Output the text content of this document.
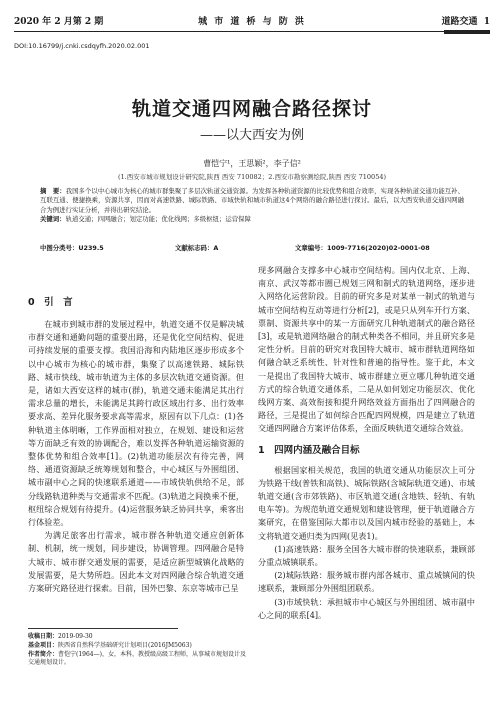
2020 年 2 月第 2 期	城 市 道 桥 与 防 洪	道路交通 1
DOI:10.16799/j.cnki.csdqyfh.2020.02.001
轨道交通四网融合路径探讨
——以大西安为例
曹恺宁¹，王思颖²，李子信²
(1.西安市城市规划设计研究院,陕西 西安 710082；2.西安市勘察测绘院,陕西 西安 710054)
摘　要：我国多个以中心城市为核心的城市群集聚了多层次轨道交通资源。为发挥各种轨道资源的比较优势和组合效率，实现各种轨道交通功能互补、互联互通、便捷换乘，资源共享，因而对高速铁路、城际铁路、市域快轨和城市轨道这4个网络的融合路径进行探讨。最后，以大西安轨道交通四网融合为例进行实证分析，并得出研究结论。
关键词：轨道交通；四网融合；划定功能；优化线网；多级枢纽；运营保障
中图分类号：U239.5	文献标志码：A	文章编号：1009-7716(2020)02-0001-08
0　引　言

在城市到城市群的发展过程中，轨道交通不仅是解决城市群交通和通勤问题的重要出路，还是优化空间结构、促进可持续发展的重要支撑。我国沿海和内陆地区逐步形成多个以中心城市为核心的城市群，集聚了以高速铁路、城际铁路、城市快线、城市轨道为主体的多层次轨道交通资源。但是，诸如大西安这样的城市(群)，轨道交通未能满足其出行需求总量的增长，未能满足其跨行政区域出行多、出行效率要求高、差异化服务要求高等需求，原因有以下几点：(1)各种轨道主体明晰，工作界面相对独立，在规划、建设和运营等方面缺乏有效的协调配合，难以发挥各种轨道运输资源的整体优势和组合效率[1]。(2)轨道功能层次有待完善，网络、通道资源缺乏统筹规划和整合，中心城区与外围组团、城市副中心之间的快速联系通道——市域快轨供给不足，部分线路轨道种类与交通需求不匹配。(3)轨道之间换乘不便，枢纽综合规划有待提升。(4)运营服务缺乏协同共享，乘客出行体验差。

为满足旅客出行需求，城市群各种轨道交通应创新体制、机制，统一规划，同步建设，协调管理。四网融合是特大城市、城市群交通发展的需要，是适应新型城镇化战略的发展需要，是大势所趋。因此本文对四网融合综合轨道交通方案研究路径进行探索。目前，国外巴黎、东京等城市已呈

现多网融合支撑多中心城市空间结构。国内仅北京、上海、南京、武汉等都市圈已规划三网和制式的轨道网络，逐步进入网络化运营阶段。目前的研究多是对某单一制式的轨道与城市空间结构互动等进行分析[2]，或是只从列车开行方案、票制、资源共享中的某一方面研究几种轨道制式的融合路径[3]，或是轨道网络融合的制式种类各不相同，并且研究多是定性分析。目前的研究对我国特大城市、城市群轨道网络如何融合缺乏系统性、针对性和普遍的指导性。鉴于此，本文一是提出了我国特大城市、城市群建立更立哪几种轨道交通方式的综合轨道交通体系，二是从如何划定功能层次、优化线网方案、高效衔接和提升网络效益方面指出了四网融合的路径，三是提出了如何综合匹配四网规模，四是建立了轨道交通四网融合方案评估体系，全面反映轨道交通综合效益。

1　四网内涵及融合目标

根据国家相关规范，我国的轨道交通从功能层次上可分为铁路干线(普铁和高铁)、城际铁路(含城际轨道交通)、市域轨道交通(含市郊铁路)、市区轨道交通(含地铁、轻轨、有轨电车等)。为规范轨道交通规划和建设管理，便于轨道融合方案研究，在借鉴国际大都市以及国内城市经验的基础上，本文将轨道交通归类为四网(见表1)。

(1)高速铁路：服务全国各大城市群的快速联系，兼顾部分重点城镇联系。

(2)城际铁路：服务城市群内部各城市、重点城镇间的快速联系，兼顾部分外围组团联系。

(3)市域快轨：承担城市中心城区与外围组团、城市副中心之间的联系[4]。

收稿日期：2019-09-30
基金项目：陕西省自然科学基础研究计划项目(2016JM5063)
作者简介：曹恺宁(1964—)，女，本科，教授级高级工程师，从事城市规划设计及交通规划设计。
